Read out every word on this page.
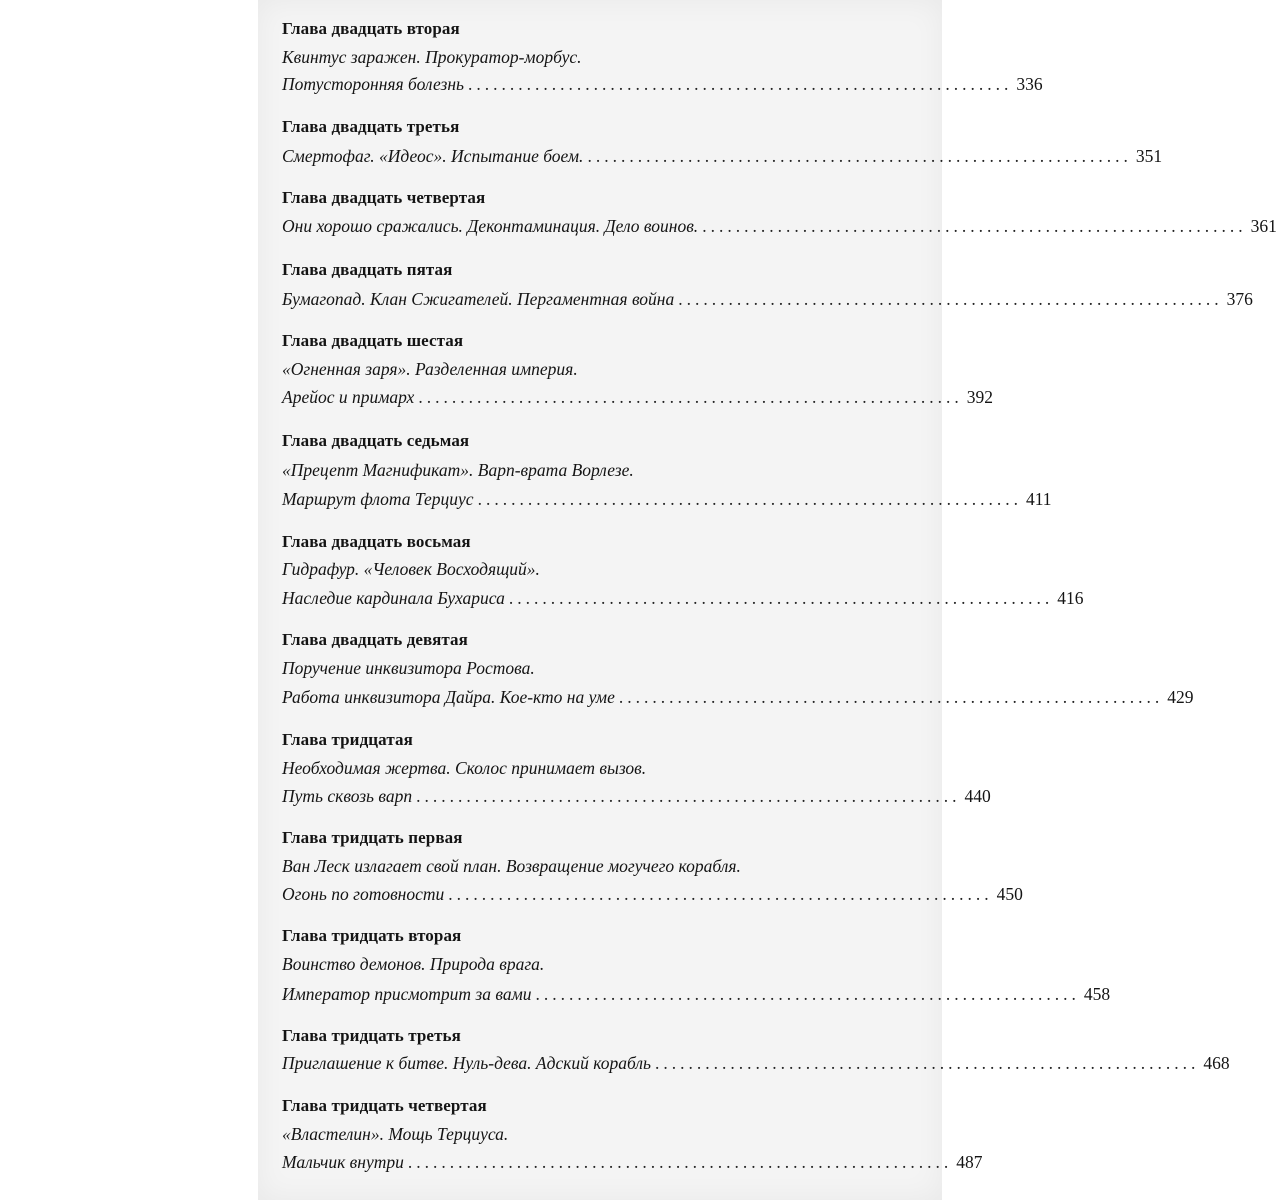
Глава двадцать вторая
Квинтус заражен. Прокуратор-морбус.
Потусторонняя болезнь ................................................................. 336
Глава двадцать третья
Смертофаг. «Идеос». Испытание боем. ................................................................. 351
Глава двадцать четвертая
Они хорошо сражались. Деконтаминация. Дело воинов. ................................................................. 361
Глава двадцать пятая
Бумагопад. Клан Сжигателей. Пергаментная война ................................................................. 376
Глава двадцать шестая
«Огненная заря». Разделенная империя.
Арейос и примарх ................................................................. 392
Глава двадцать седьмая
«Прецепт Магнификат». Варп-врата Ворлезе.
Маршрут флота Терциус ................................................................. 411
Глава двадцать восьмая
Гидрафур. «Человек Восходящий».
Наследие кардинала Бухариса ................................................................. 416
Глава двадцать девятая
Поручение инквизитора Ростова.
Работа инквизитора Дайра. Кое-кто на уме ................................................................. 429
Глава тридцатая
Необходимая жертва. Сколос принимает вызов.
Путь сквозь варп ................................................................. 440
Глава тридцать первая
Ван Леск излагает свой план. Возвращение могучего корабля.
Огонь по готовности ................................................................. 450
Глава тридцать вторая
Воинство демонов. Природа врага.
Император присмотрит за вами ................................................................. 458
Глава тридцать третья
Приглашение к битве. Нуль-дева. Адский корабль ................................................................. 468
Глава тридцать четвертая
«Властелин». Мощь Терциуса.
Мальчик внутри ................................................................. 487
